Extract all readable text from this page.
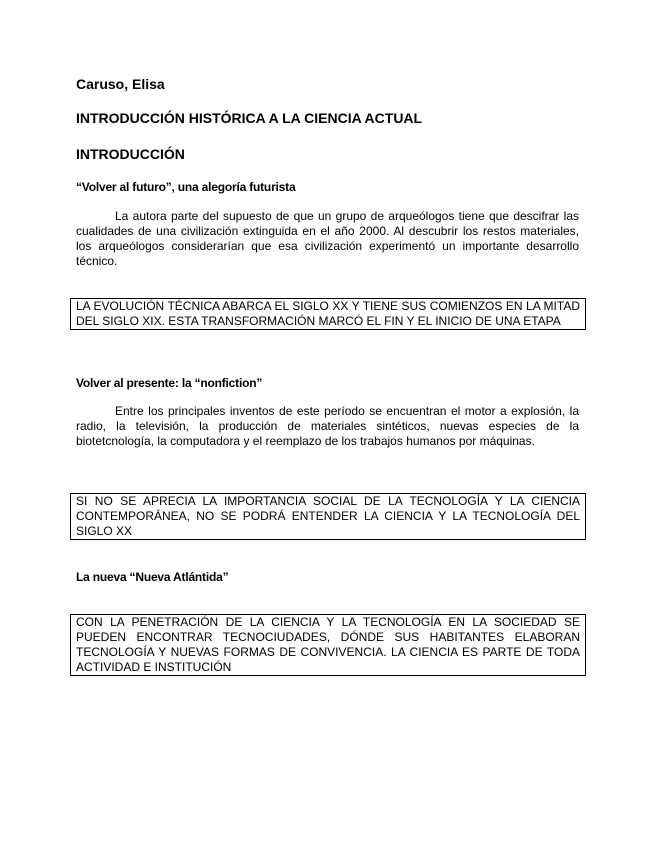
Caruso, Elisa
INTRODUCCIÓN HISTÓRICA A LA CIENCIA ACTUAL
INTRODUCCIÓN
“Volver al futuro”, una alegoría futurista
La autora parte del supuesto de que un grupo de arqueólogos tiene que descifrar las cualidades de una civilización extinguida en el año 2000. Al descubrir los restos materiales, los arqueólogos considerarían que esa civilización experimentó un importante desarrollo técnico.
LA EVOLUCIÓN TÉCNICA ABARCA EL SIGLO XX Y TIENE SUS COMIENZOS EN LA MITAD DEL SIGLO XIX. ESTA TRANSFORMACIÓN MARCÓ EL FIN Y EL INICIO DE UNA ETAPA
Volver al presente: la “nonfiction”
Entre los principales inventos de este período se encuentran el motor a explosión, la radio, la televisión, la producción de materiales sintéticos, nuevas especies de la biotetcnología, la computadora y el reemplazo de los trabajos humanos por máquinas.
SI NO SE APRECIA LA IMPORTANCIA SOCIAL DE LA TECNOLOGÍA Y LA CIENCIA CONTEMPORÁNEA, NO SE PODRÁ ENTENDER LA CIENCIA Y LA TECNOLOGÍA DEL SIGLO XX
La nueva “Nueva Atlántida”
CON LA PENETRACIÓN DE LA CIENCIA Y LA TECNOLOGÍA EN LA SOCIEDAD SE PUEDEN ENCONTRAR TECNOCIUDADES, DÓNDE SUS HABITANTES ELABORAN TECNOLOGÍA Y NUEVAS FORMAS DE CONVIVENCIA. LA CIENCIA ES PARTE DE TODA ACTIVIDAD E INSTITUCIÓN
